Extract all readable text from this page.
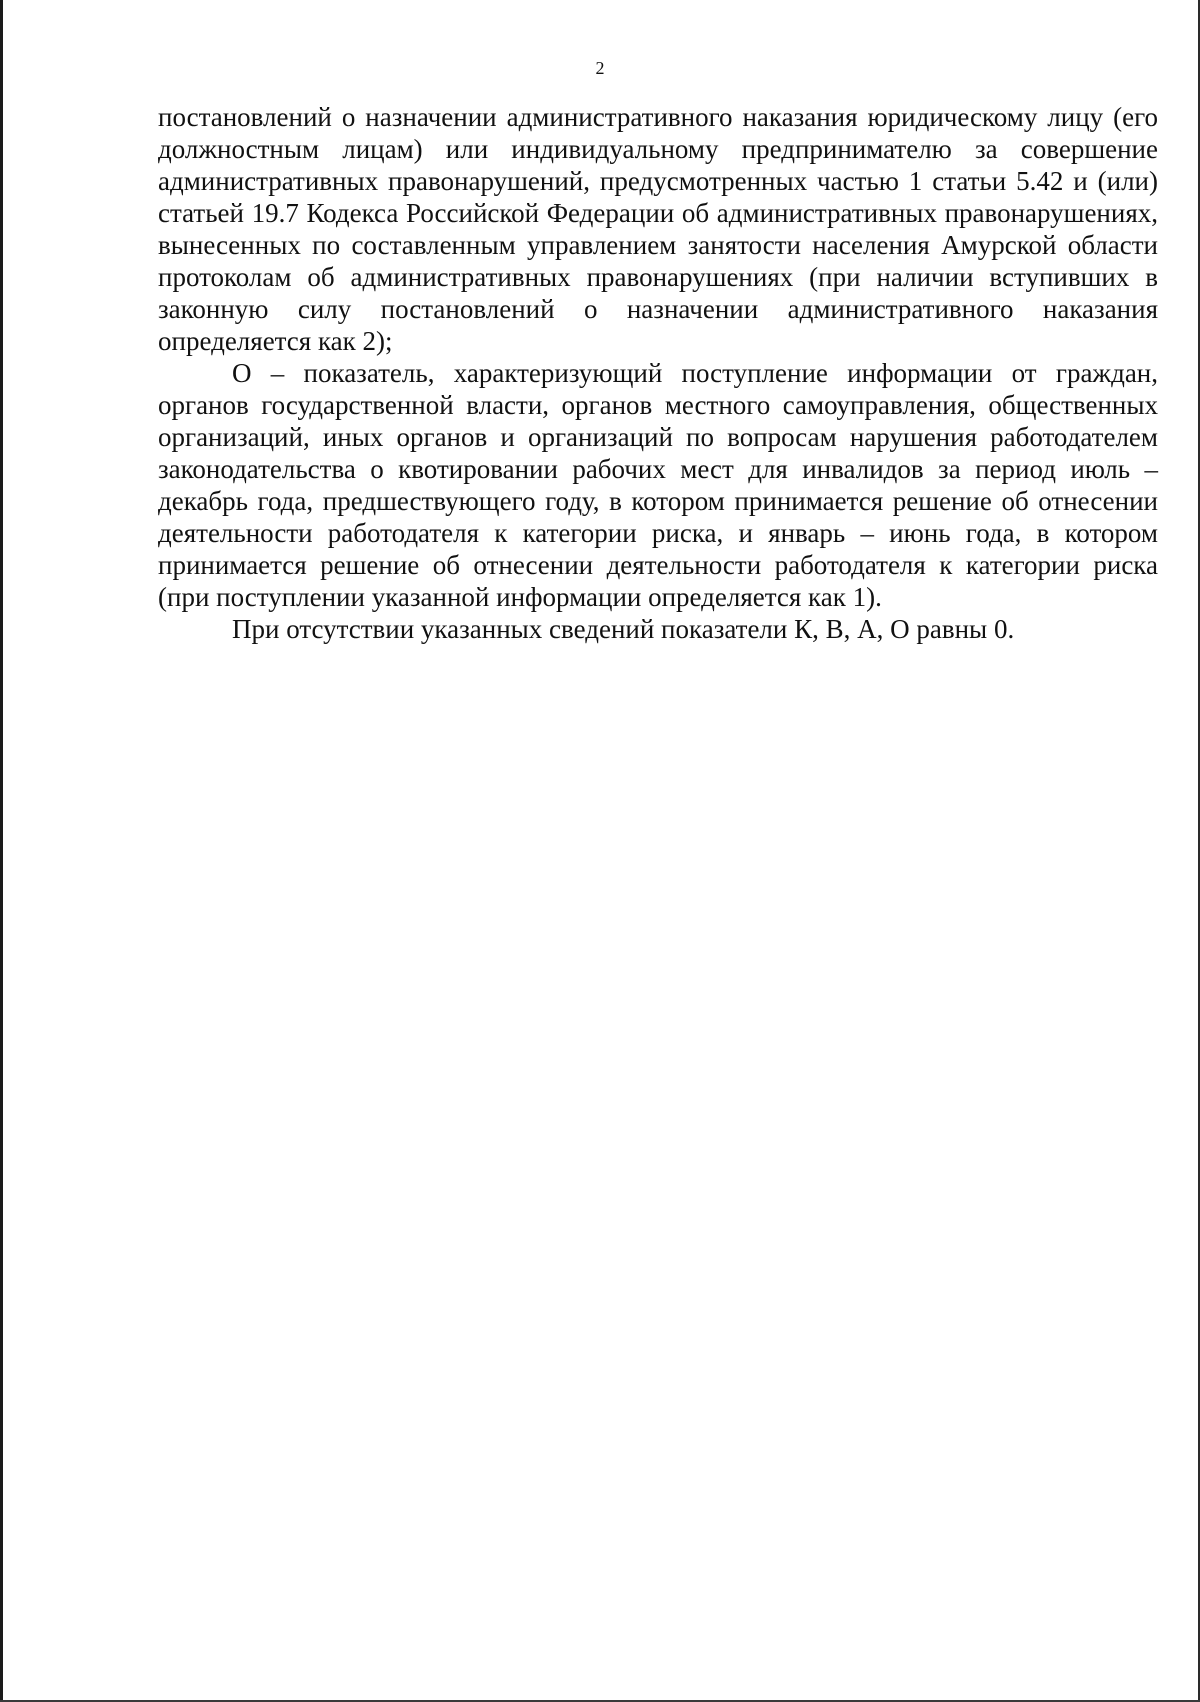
2

постановлений о назначении административного наказания юридическому лицу (его должностным лицам) или индивидуальному предпринимателю за совершение административных правонарушений, предусмотренных частью 1 статьи 5.42 и (или) статьей 19.7 Кодекса Российской Федерации об административных правонарушениях, вынесенных по составленным управлением занятости населения Амурской области протоколам об административных правонарушениях (при наличии вступивших в законную силу постановлений о назначении административного наказания определяется как 2);

О – показатель, характеризующий поступление информации от граждан, органов государственной власти, органов местного самоуправления, общественных организаций, иных органов и организаций по вопросам нарушения работодателем законодательства о квотировании рабочих мест для инвалидов за период июль – декабрь года, предшествующего году, в котором принимается решение об отнесении деятельности работодателя к категории риска, и январь – июнь года, в котором принимается решение об отнесении деятельности работодателя к категории риска (при поступлении указанной информации определяется как 1).

При отсутствии указанных сведений показатели К, В, А, О равны 0.
